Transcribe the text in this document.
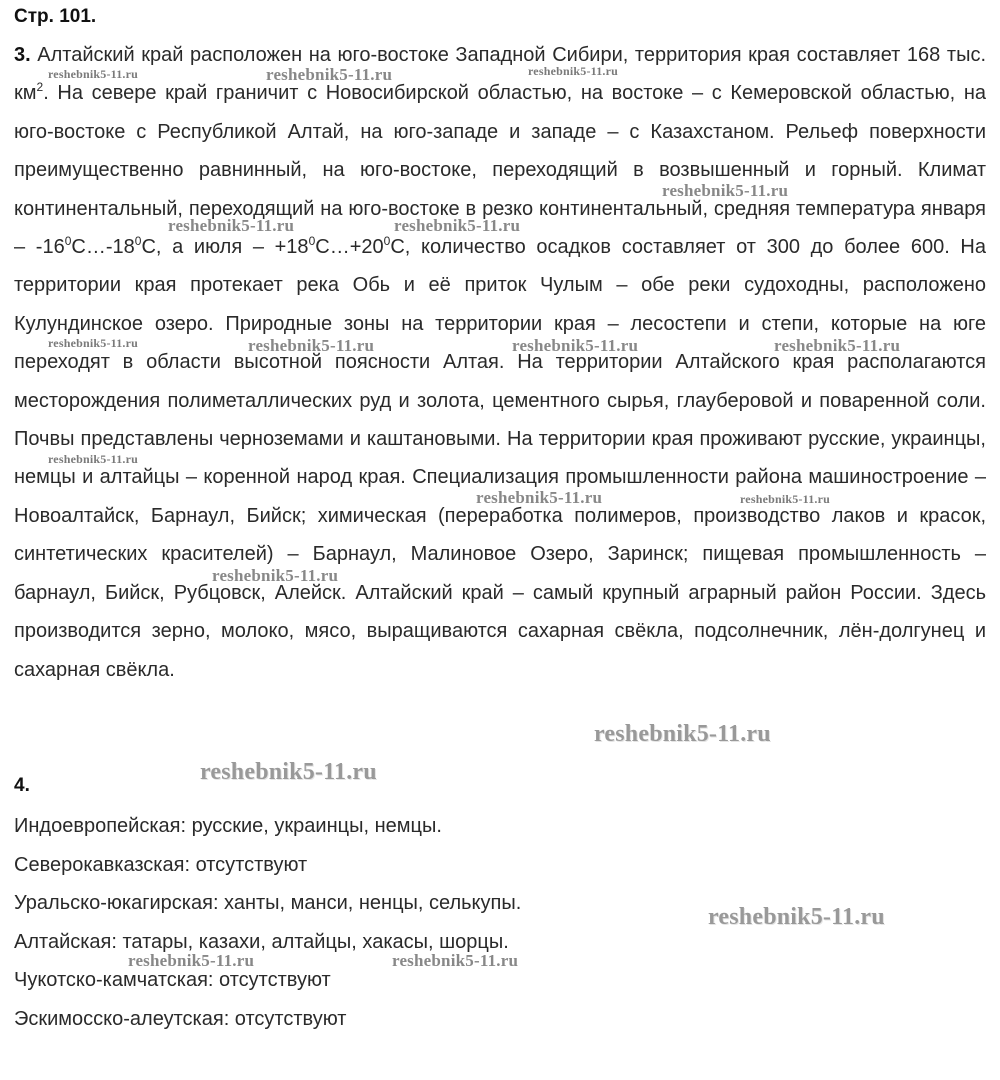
Стр. 101.

3. Алтайский край расположен на юго-востоке Западной Сибири, территория края составляет 168 тыс. $км^2$. На севере край граничит с Новосибирской областью, на востоке – с Кемеровской областью, на юго-востоке с Республикой Алтай, на юго-западе и западе – с Казахстаном. Рельеф поверхности преимущественно равнинный, на юго-востоке, переходящий в возвышенный и горный. Климат континентальный, переходящий на юго-востоке в резко континентальный, средняя температура января – $-16^0С\dots-18^0С$, а июля – $+18^0С\dots+20^0С$, количество осадков составляет от 300 до более 600. На территории края протекает река Обь и её приток Чулым – обе реки судоходны, расположено Кулундинское озеро. Природные зоны на территории края – лесостепи и степи, которые на юге переходят в области высотной поясности Алтая. На территории Алтайского края располагаются месторождения полиметаллических руд и золота, цементного сырья, глауберовой и поваренной соли. Почвы представлены черноземами и каштановыми. На территории края проживают русские, украинцы, немцы и алтайцы – коренной народ края. Специализация промышленности района машиностроение – Новоалтайск, Барнаул, Бийск; химическая (переработка полимеров, производство лаков и красок, синтетических красителей) – Барнаул, Малиновое Озеро, Заринск; пищевая промышленность – барнаул, Бийск, Рубцовск, Алейск. Алтайский край – самый крупный аграрный район России. Здесь производится зерно, молоко, мясо, выращиваются сахарная свёкла, подсолнечник, лён-долгунец и сахарная свёкла.

4.
Индоевропейская: русские, украинцы, немцы.
Северокавказская: отсутствуют
Уральско-юкагирская: ханты, манси, ненцы, селькупы.
Алтайская: татары, казахи, алтайцы, хакасы, шорцы.
Чукотско-камчатская: отсутствуют
Эскимосско-алеутская: отсутствуют
reshebnik5-11.ru	reshebnik5-11.ru	reshebnik5-11.ru
reshebnik5-11.ru
reshebnik5-11.ru	reshebnik5-11.ru
reshebnik5-11.ru	reshebnik5-11.ru	reshebnik5-11.ru	reshebnik5-11.ru
reshebnik5-11.ru
reshebnik5-11.ru	reshebnik5-11.ru
reshebnik5-11.ru
reshebnik5-11.ru
reshebnik5-11.ru
reshebnik5-11.ru
reshebnik5-11.ru	reshebnik5-11.ru
